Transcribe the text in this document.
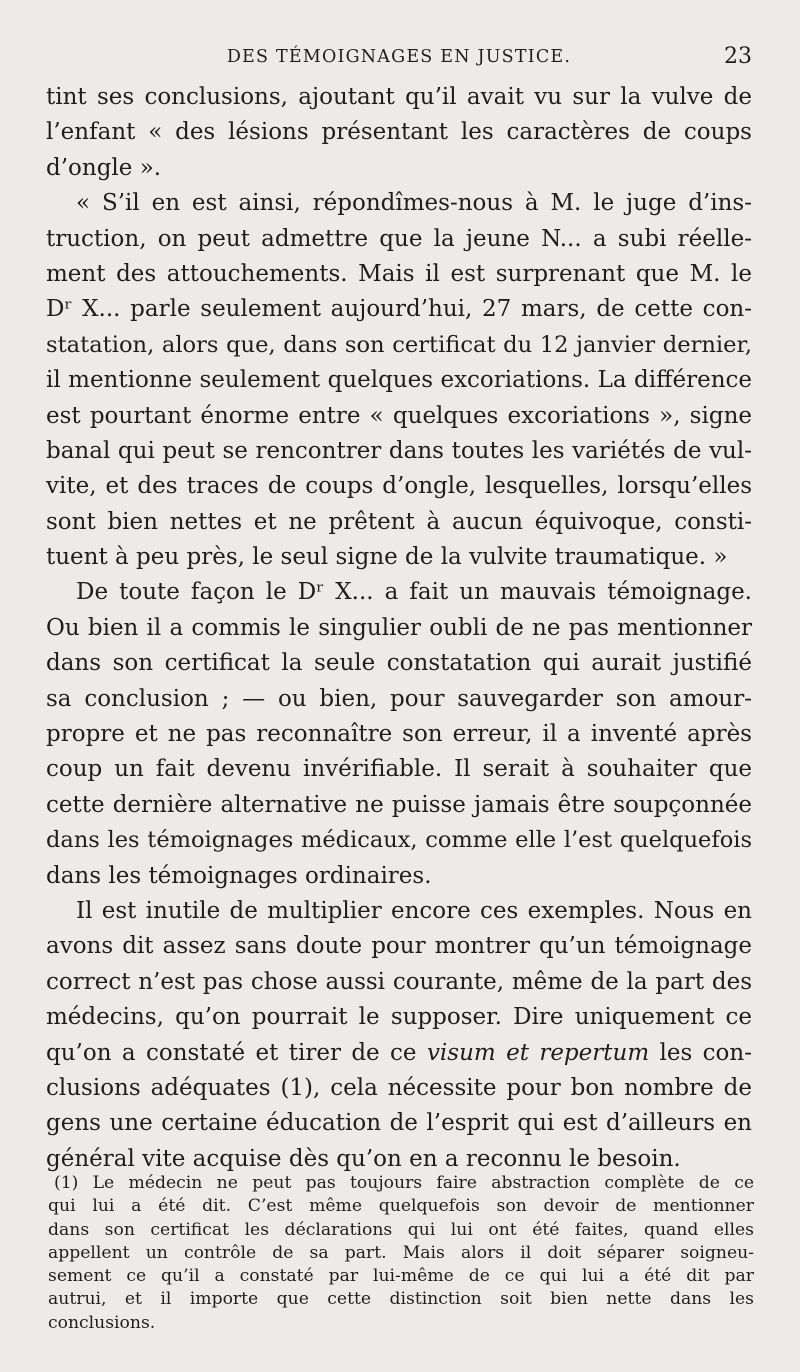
DES TÉMOIGNAGES EN JUSTICE.	23
tint ses conclusions, ajoutant qu’il avait vu sur la vulve de
l’enfant « des lésions présentant les caractères de coups
d’ongle ».
« S’il en est ainsi, répondîmes-nous à M. le juge d’ins-
truction, on peut admettre que la jeune N... a subi réelle-
ment des attouchements. Mais il est surprenant que M. le
Dʳ X... parle seulement aujourd’hui, 27 mars, de cette con-
statation, alors que, dans son certificat du 12 janvier dernier,
il mentionne seulement quelques excoriations. La différence
est pourtant énorme entre « quelques excoriations », signe
banal qui peut se rencontrer dans toutes les variétés de vul-
vite, et des traces de coups d’ongle, lesquelles, lorsqu’elles
sont bien nettes et ne prêtent à aucun équivoque, consti-
tuent à peu près, le seul signe de la vulvite traumatique. »
De toute façon le Dʳ X... a fait un mauvais témoignage.
Ou bien il a commis le singulier oubli de ne pas mentionner
dans son certificat la seule constatation qui aurait justifié
sa conclusion ; — ou bien, pour sauvegarder son amour-
propre et ne pas reconnaître son erreur, il a inventé après
coup un fait devenu invérifiable. Il serait à souhaiter que
cette dernière alternative ne puisse jamais être soupçonnée
dans les témoignages médicaux, comme elle l’est quelquefois
dans les témoignages ordinaires.
Il est inutile de multiplier encore ces exemples. Nous en
avons dit assez sans doute pour montrer qu’un témoignage
correct n’est pas chose aussi courante, même de la part des
médecins, qu’on pourrait le supposer. Dire uniquement ce
qu’on a constaté et tirer de ce visum et repertum les con-
clusions adéquates (1), cela nécessite pour bon nombre de
gens une certaine éducation de l’esprit qui est d’ailleurs en
général vite acquise dès qu’on en a reconnu le besoin.
(1) Le médecin ne peut pas toujours faire abstraction complète de ce
qui lui a été dit. C’est même quelquefois son devoir de mentionner
dans son certificat les déclarations qui lui ont été faites, quand elles
appellent un contrôle de sa part. Mais alors il doit séparer soigneu-
sement ce qu’il a constaté par lui-même de ce qui lui a été dit par
autrui, et il importe que cette distinction soit bien nette dans les
conclusions.
